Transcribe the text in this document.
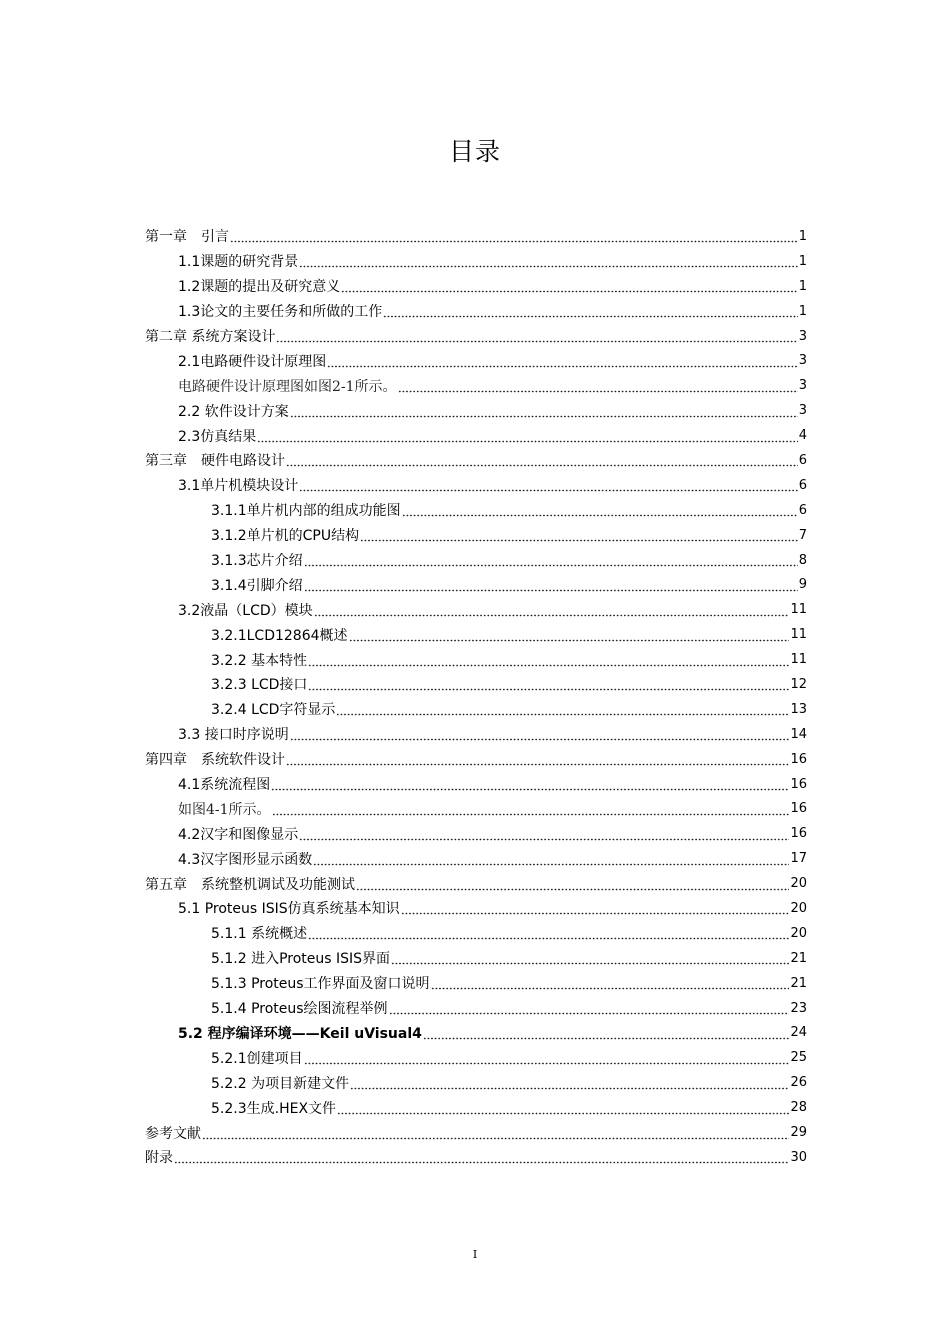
目录
第一章　引言	1
1.1课题的研究背景	1
1.2课题的提出及研究意义	1
1.3论文的主要任务和所做的工作	1
第二章 系统方案设计	3
2.1电路硬件设计原理图	3
电路硬件设计原理图如图2-1所示。	3
2.2 软件设计方案	3
2.3仿真结果	4
第三章　硬件电路设计	6
3.1单片机模块设计	6
3.1.1单片机内部的组成功能图	6
3.1.2单片机的CPU结构	7
3.1.3芯片介绍	8
3.1.4引脚介绍	9
3.2液晶（LCD）模块	11
3.2.1LCD12864概述	11
3.2.2 基本特性	11
3.2.3 LCD接口	12
3.2.4 LCD字符显示	13
3.3 接口时序说明	14
第四章　系统软件设计	16
4.1系统流程图	16
如图4-1所示。	16
4.2汉字和图像显示	16
4.3汉字图形显示函数	17
第五章　系统整机调试及功能测试	20
5.1 Proteus ISIS仿真系统基本知识	20
5.1.1 系统概述	20
5.1.2 进入Proteus ISIS界面	21
5.1.3 Proteus工作界面及窗口说明	21
5.1.4 Proteus绘图流程举例	23
5.2 程序编译环境——Keil uVisual4	24
5.2.1创建项目	25
5.2.2 为项目新建文件	26
5.2.3生成.HEX文件	28
参考文献	29
附录	30
I
